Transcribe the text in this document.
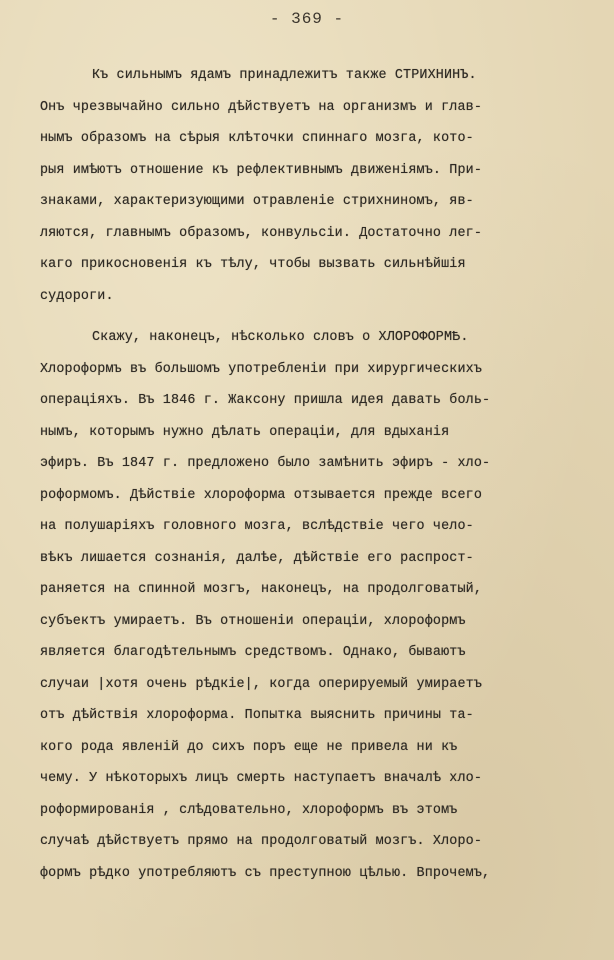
- 369 -
Къ сильнымъ ядамъ принадлежитъ также СТРИХНИНЪ.
Онъ чрезвычайно сильно дѣйствуетъ на организмъ и глав-
нымъ образомъ на сѣрыя клѣточки спиннаго мозга, кото-
рыя имѣютъ отношение къ рефлективнымъ движеніямъ. При-
знаками, характеризующими отравленіе стрихниномъ, яв-
ляются, главнымъ образомъ, конвульсіи. Достаточно лег-
каго прикосновенія къ тѣлу, чтобы вызвать сильнѣйшія
судороги.
Скажу, наконецъ, нѣсколько словъ о ХЛОРОФОРМѢ.
Хлороформъ въ большомъ употребленіи при хирургическихъ
операціяхъ. Въ 1846 г. Жаксону пришла идея давать боль-
нымъ, которымъ нужно дѣлать операціи, для вдыханія
эфиръ. Въ 1847 г. предложено было замѣнить эфиръ - хло-
роформомъ. Дѣйствіе хлороформа отзывается прежде всего
на полушаріяхъ головного мозга, вслѣдствіе чего чело-
вѣкъ лишается сознанія, далѣе, дѣйствіе его распрост-
раняется на спинной мозгъ, наконецъ, на продолговатый,
субъектъ умираетъ. Въ отношеніи операціи, хлороформъ
является благодѣтельнымъ средствомъ. Однако, бываютъ
случаи |хотя очень рѣдкіе|, когда оперируемый умираетъ
отъ дѣйствія хлороформа. Попытка выяснить причины та-
кого рода явленій до сихъ поръ еще не привела ни къ
чему. У нѣкоторыхъ лицъ смерть наступаетъ вначалѣ хло-
роформированія , слѣдовательно, хлороформъ въ этомъ
случаѣ дѣйствуетъ прямо на продолговатый мозгъ. Хлоро-
формъ рѣдко употребляютъ съ преступною цѣлью. Впрочемъ,
